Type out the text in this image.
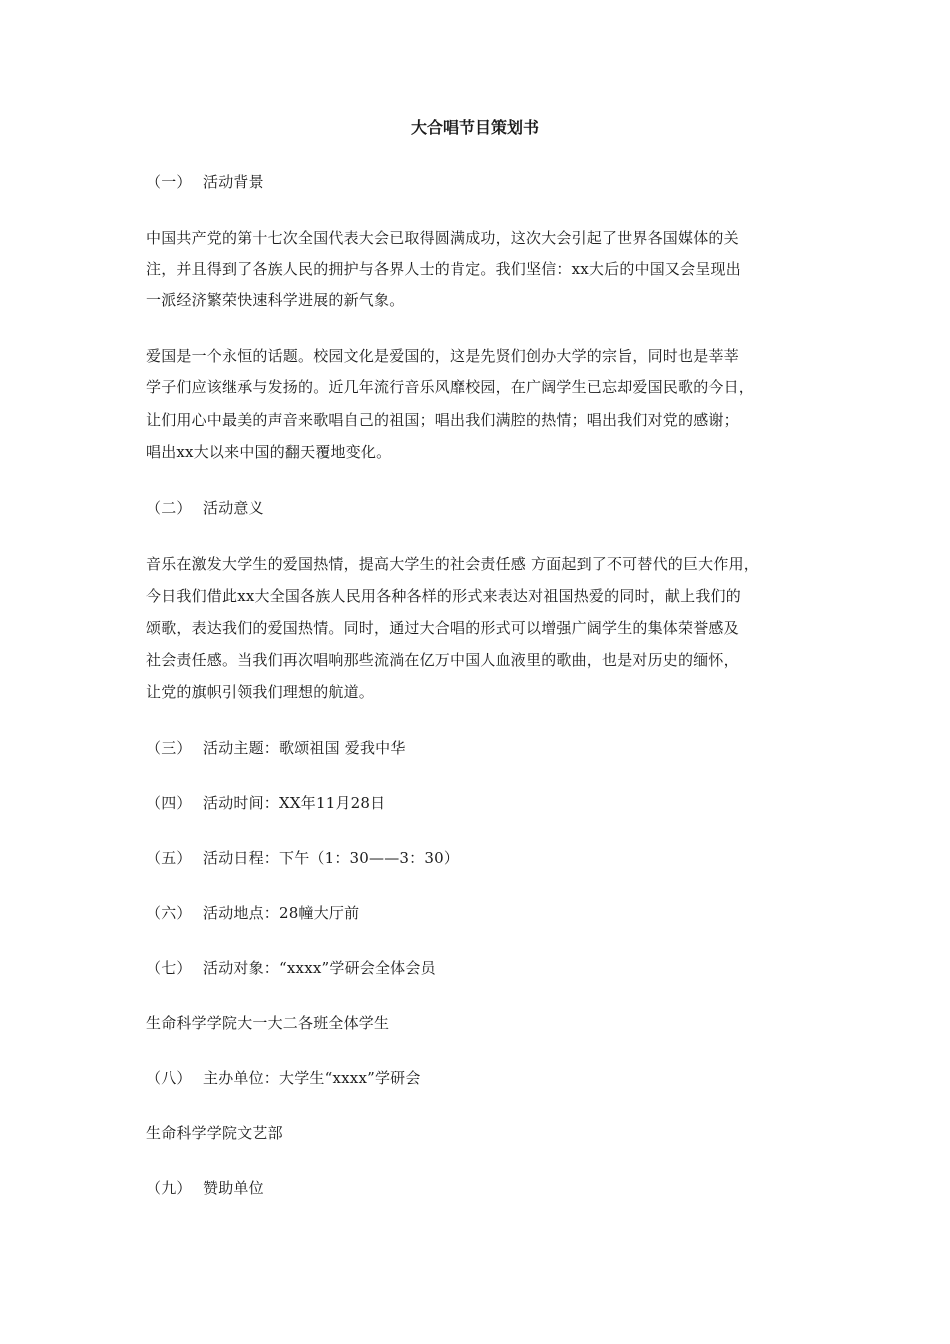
大合唱节目策划书
（一） 活动背景
中国共产党的第十七次全国代表大会已取得圆满成功，这次大会引起了世界各国媒体的关
注，并且得到了各族人民的拥护与各界人士的肯定。我们坚信：xx大后的中国又会呈现出
一派经济繁荣快速科学进展的新气象。
爱国是一个永恒的话题。校园文化是爱国的，这是先贤们创办大学的宗旨，同时也是莘莘
学子们应该继承与发扬的。近几年流行音乐风靡校园，在广阔学生已忘却爱国民歌的今日，
让们用心中最美的声音来歌唱自己的祖国；唱出我们满腔的热情；唱出我们对党的感谢；
唱出xx大以来中国的翻天覆地变化。
（二） 活动意义
音乐在激发大学生的爱国热情，提高大学生的社会责任感 方面起到了不可替代的巨大作用，
今日我们借此xx大全国各族人民用各种各样的形式来表达对祖国热爱的同时，献上我们的
颂歌，表达我们的爱国热情。同时，通过大合唱的形式可以增强广阔学生的集体荣誉感及
社会责任感。当我们再次唱响那些流淌在亿万中国人血液里的歌曲，也是对历史的缅怀，
让党的旗帜引领我们理想的航道。
（三） 活动主题：歌颂祖国 爱我中华
（四） 活动时间：XX年11月28日
（五） 活动日程：下午（1：30——3：30）
（六） 活动地点：28幢大厅前
（七） 活动对象：“xxxx”学研会全体会员
生命科学学院大一大二各班全体学生
（八） 主办单位：大学生“xxxx”学研会
生命科学学院文艺部
（九） 赞助单位
